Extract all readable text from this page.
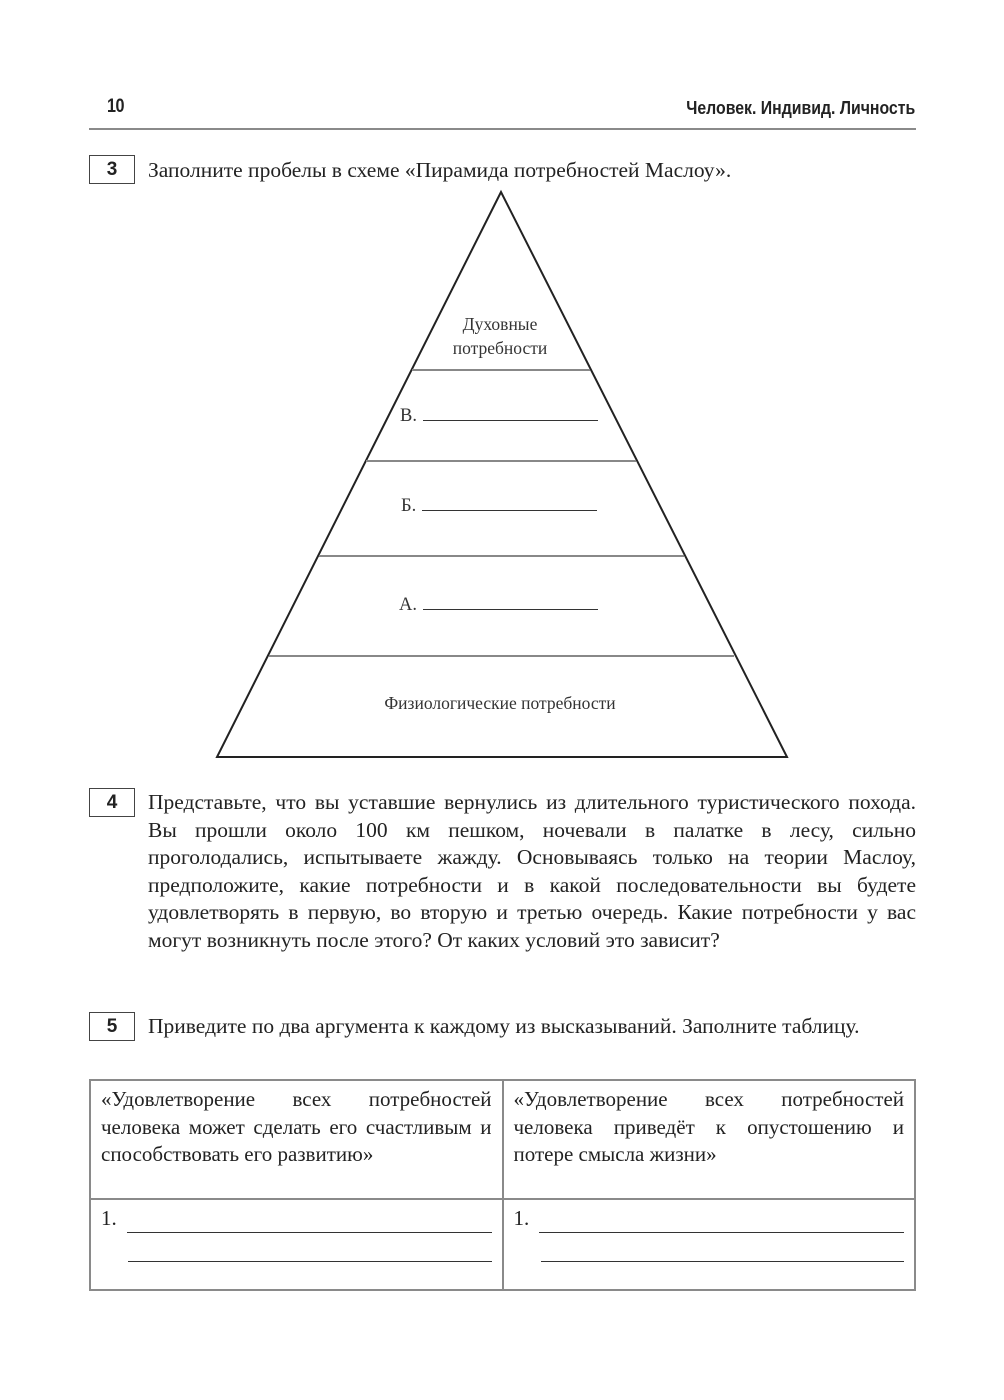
10	Человек. Индивид. Личность
3	Заполните пробелы в схеме «Пирамида потребностей Маслоу».
Духовные
потребности
В.
Б.
А.
Физиологические потребности
4	Представьте, что вы уставшие вернулись из длительного туристического похода. Вы прошли около 100 км пешком, ночевали в палатке в лесу, сильно проголодались, испытываете жажду. Основываясь только на теории Маслоу, предположите, какие потребности и в какой последовательности вы будете удовлетворять в первую, во вторую и третью очередь. Какие потребности у вас могут возникнуть после этого? От каких условий это зависит?
5	Приведите по два аргумента к каждому из высказываний. Заполните таблицу.
«Удовлетворение всех потребностей человека может сделать его счастливым и способствовать его развитию»	«Удовлетворение всех потребностей человека приведёт к опустошению и потере смысла жизни»

1.	1.
